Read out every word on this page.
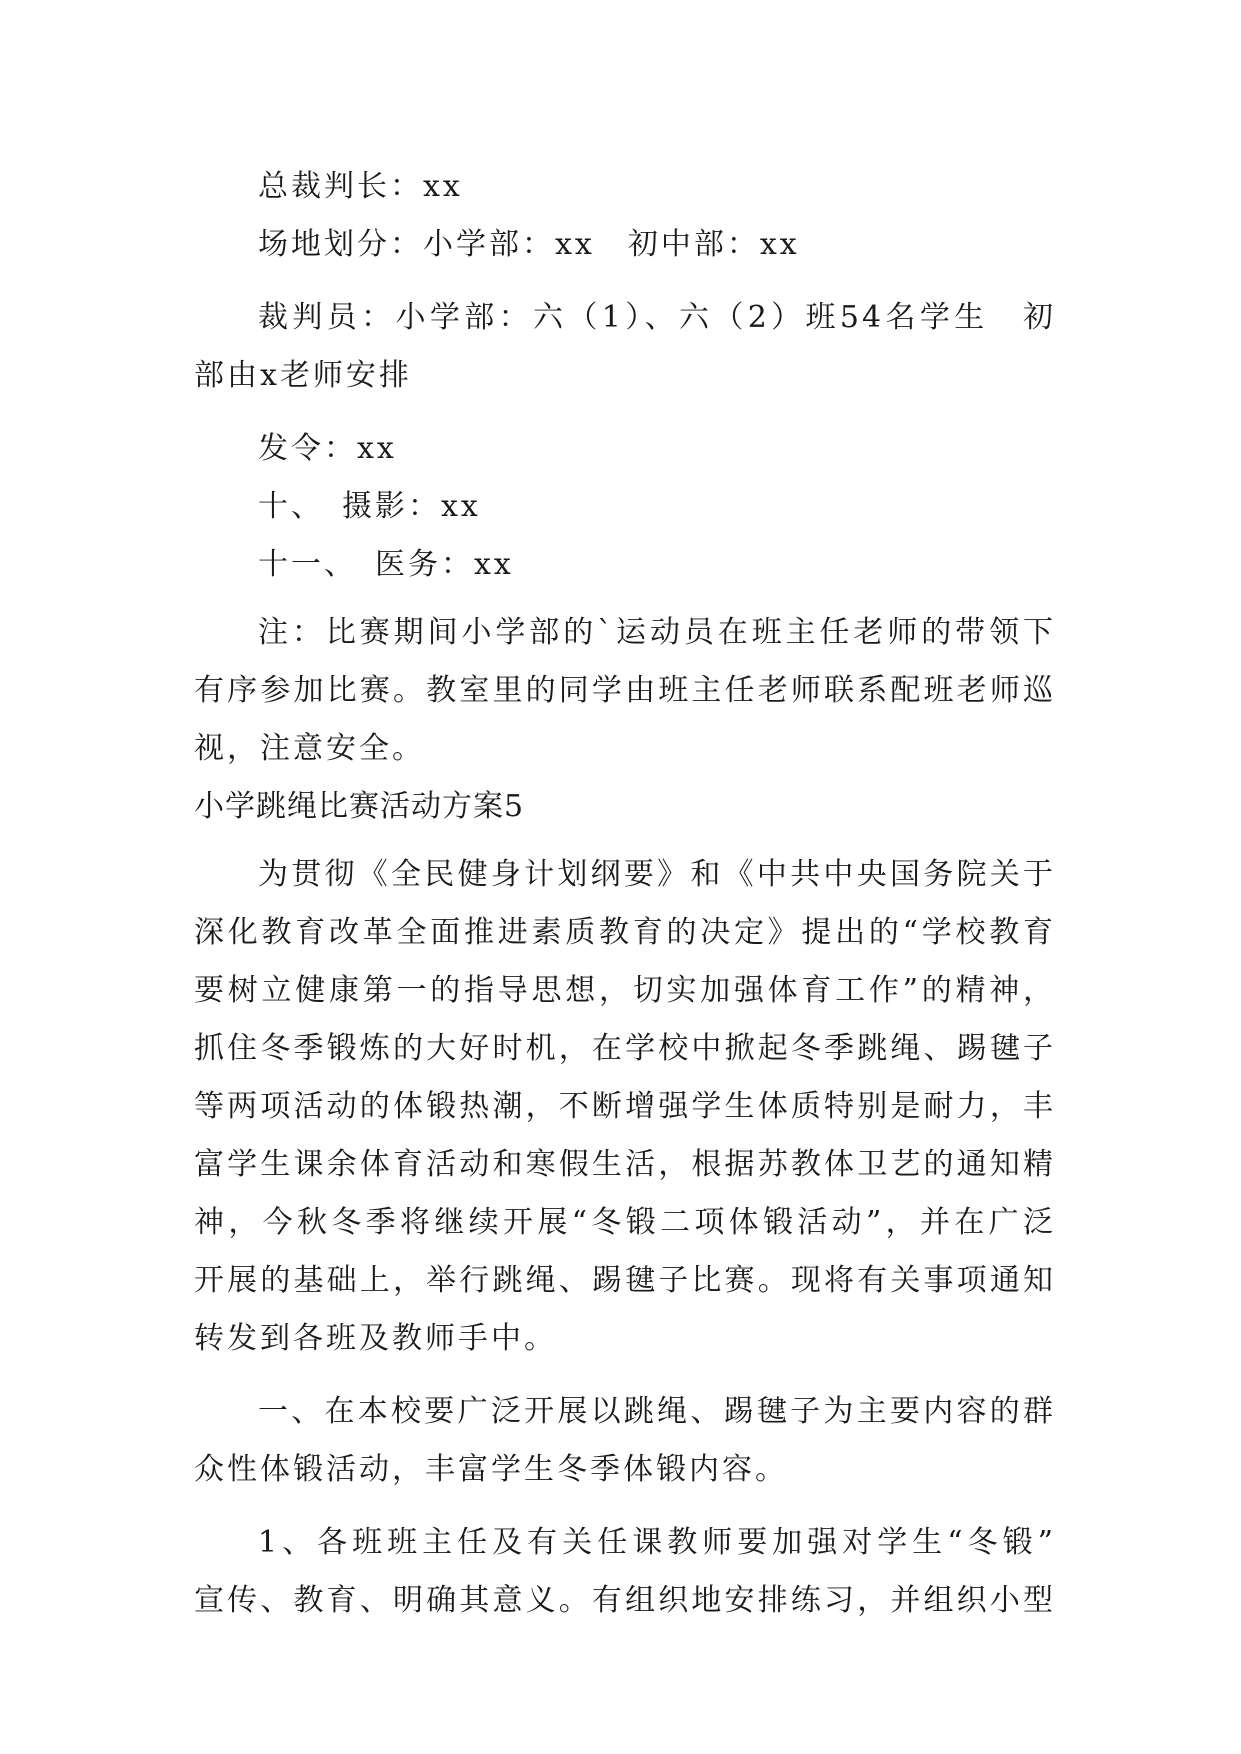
总裁判长：xx
场地划分：小学部：xx　初中部：xx
裁判员：小学部：六（1）、六（2）班54名学生　初
部由x老师安排
发令：xx
十、　摄影：xx
十一、　医务：xx
注：比赛期间小学部的`运动员在班主任老师的带领下
有序参加比赛。教室里的同学由班主任老师联系配班老师巡
视，注意安全。
小学跳绳比赛活动方案5
为贯彻《全民健身计划纲要》和《中共中央国务院关于
深化教育改革全面推进素质教育的决定》提出的“学校教育
要树立健康第一的指导思想，切实加强体育工作”的精神，
抓住冬季锻炼的大好时机，在学校中掀起冬季跳绳、踢毽子
等两项活动的体锻热潮，不断增强学生体质特别是耐力，丰
富学生课余体育活动和寒假生活，根据苏教体卫艺的通知精
神，今秋冬季将继续开展“冬锻二项体锻活动”，并在广泛
开展的基础上，举行跳绳、踢毽子比赛。现将有关事项通知
转发到各班及教师手中。
一、在本校要广泛开展以跳绳、踢毽子为主要内容的群
众性体锻活动，丰富学生冬季体锻内容。
1、各班班主任及有关任课教师要加强对学生“冬锻”
宣传、教育、明确其意义。有组织地安排练习，并组织小型
